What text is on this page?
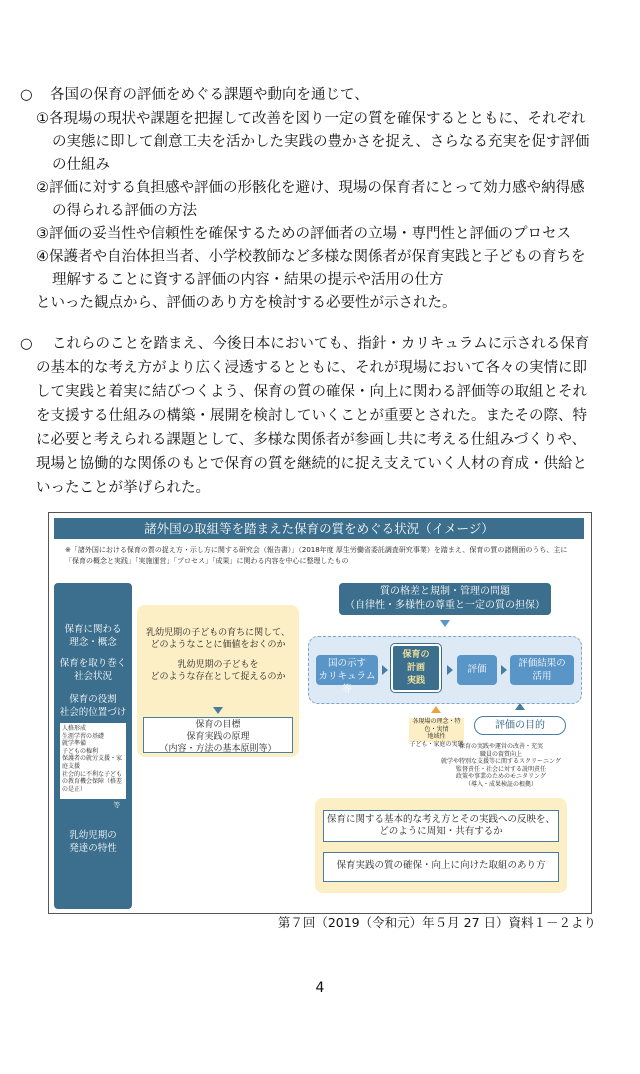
○ 各国の保育の評価をめぐる課題や動向を通じて、
①各現場の現状や課題を把握して改善を図り一定の質を確保するとともに、それぞれ
の実態に即して創意工夫を活かした実践の豊かさを捉え、さらなる充実を促す評価
の仕組み
②評価に対する負担感や評価の形骸化を避け、現場の保育者にとって効力感や納得感
の得られる評価の方法
③評価の妥当性や信頼性を確保するための評価者の立場・専門性と評価のプロセス
④保護者や自治体担当者、小学校教師など多様な関係者が保育実践と子どもの育ちを
理解することに資する評価の内容・結果の提示や活用の仕方
といった観点から、評価のあり方を検討する必要性が示された。
○ これらのことを踏まえ、今後日本においても、指針・カリキュラムに示される保育
の基本的な考え方がより広く浸透するとともに、それが現場において各々の実情に即
して実践と着実に結びつくよう、保育の質の確保・向上に関わる評価等の取組とそれ
を支援する仕組みの構築・展開を検討していくことが重要とされた。またその際、特
に必要と考えられる課題として、多様な関係者が参画し共に考える仕組みづくりや、
現場と協働的な関係のもとで保育の質を継続的に捉え支えていく人材の育成・供給と
いったことが挙げられた。
諸外国の取組等を踏まえた保育の質をめぐる状況（イメージ）
※「諸外国における保育の質の捉え方・示し方に関する研究会（報告書）」（2018年度 厚生労働省委託調査研究事業）を踏まえ、保育の質の諸側面のうち、主に「保育の概念と実践」「実施運営」「プロセス」「成果」に関わる内容を中心に整理したもの
保育に関わる
理念・概念
保育を取り巻く
社会状況
保育の役割
社会的位置づけ
人格形成
生涯学習の基礎
就学準備
子どもの権利
保護者の就労支援・家庭支援
社会的に不利な子どもの教育機会保障（格差の是正）
等
乳幼児期の
発達の特性
乳幼児期の子どもの育ちに関して、
どのようなことに価値をおくのか
乳幼児期の子どもを
どのような存在として捉えるのか
保育の目標
保育実践の原理
（内容・方法の基本原則等）
質の格差と規制・管理の問題
（自律性・多様性の尊重と一定の質の担保）
国の示す
カリキュラム等
保育の
計画
実践
評価
評価結果の
活用
各現場の理念・特色・実情
地域性
子ども・家庭の実態
評価の目的
保育の実践や運営の改善・充実
職員の資質向上
就学や特別な支援等に関するスクリーニング
監督責任・社会に対する説明責任
政策や事業のためのモニタリング
（導入・成果検証の根拠）
保育に関する基本的な考え方とその実践への反映を、
どのように周知・共有するか
保育実践の質の確保・向上に向けた取組のあり方
第７回（2019（令和元）年５月 27 日）資料１－２より
4
